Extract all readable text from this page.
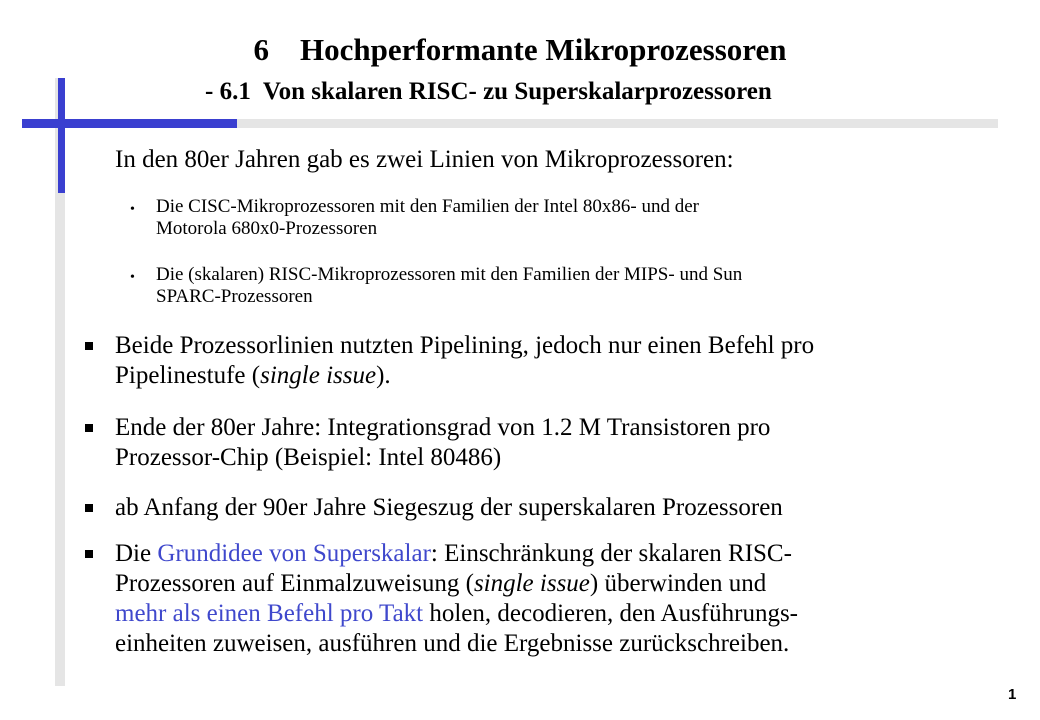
6    Hochperformante Mikroprozessoren
- 6.1  Von skalaren RISC- zu Superskalarprozessoren
In den 80er Jahren gab es zwei Linien von Mikroprozessoren:
• Die CISC-Mikroprozessoren mit den Familien der Intel 80x86- und der
Motorola 680x0-Prozessoren
• Die (skalaren) RISC-Mikroprozessoren mit den Familien der MIPS- und Sun
SPARC-Prozessoren
Beide Prozessorlinien nutzten Pipelining, jedoch nur einen Befehl pro
Pipelinestufe (single issue).
Ende der 80er Jahre: Integrationsgrad von 1.2 M Transistoren pro
Prozessor-Chip (Beispiel: Intel 80486)
ab Anfang der 90er Jahre Siegeszug der superskalaren Prozessoren
Die Grundidee von Superskalar: Einschränkung der skalaren RISC-
Prozessoren auf Einmalzuweisung (single issue) überwinden und
mehr als einen Befehl pro Takt holen, decodieren, den Ausführungs-
einheiten zuweisen, ausführen und die Ergebnisse zurückschreiben.
1
